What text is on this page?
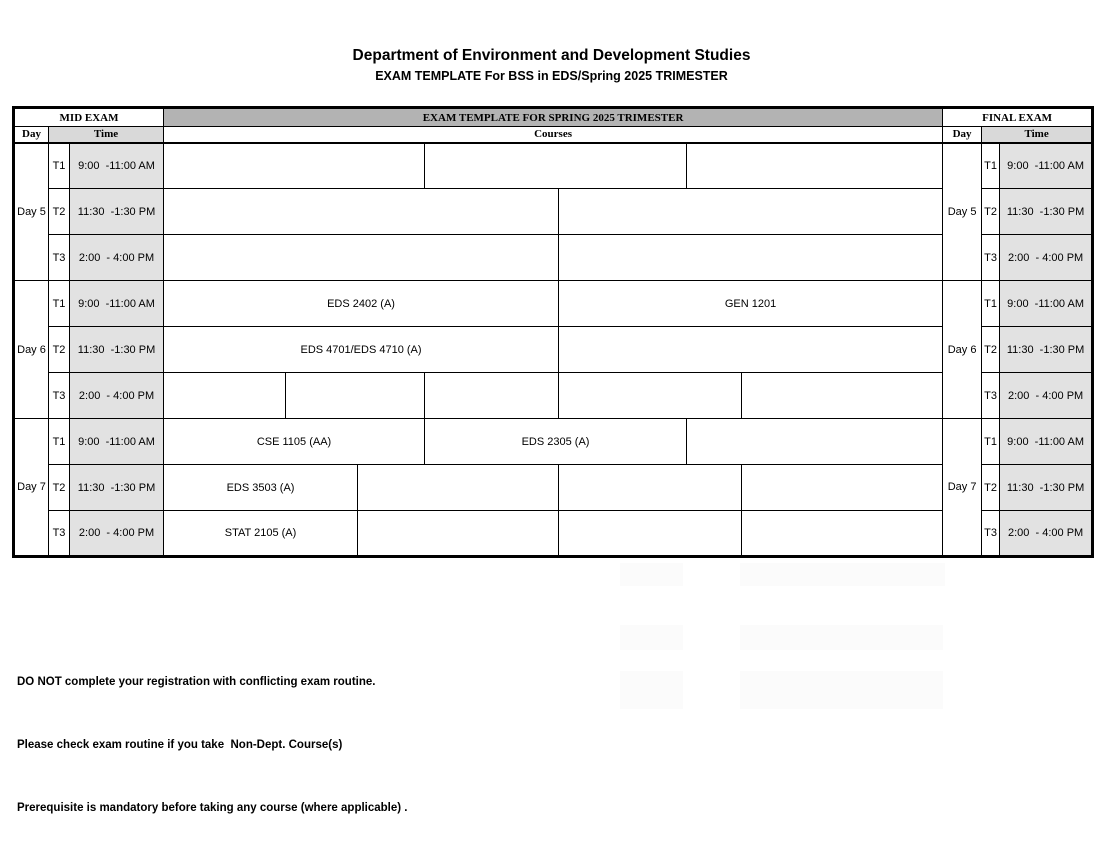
Department of Environment and Development Studies
EXAM TEMPLATE For BSS in EDS/Spring 2025 TRIMESTER
MID EXAM			EXAM TEMPLATE FOR SPRING 2025 TRIMESTER							FINAL EXAM		
Day	Time		Courses							Day	Time	
Day 5	T1	9:00  -11:00 AM								Day 5	T1	9:00  -11:00 AM
	T2	11:30  -1:30 PM									T2	11:30  -1:30 PM
	T3	2:00  - 4:00 PM									T3	2:00  - 4:00 PM
Day 6	T1	9:00  -11:00 AM	EDS 2402 (A)				GEN 1201			Day 6	T1	9:00  -11:00 AM
	T2	11:30  -1:30 PM	EDS 4701/EDS 4710 (A)								T2	11:30  -1:30 PM
	T3	2:00  - 4:00 PM									T3	2:00  - 4:00 PM
Day 7	T1	9:00  -11:00 AM	CSE 1105 (AA)			EDS 2305 (A)				Day 7	T1	9:00  -11:00 AM
	T2	11:30  -1:30 PM	EDS 3503 (A)								T2	11:30  -1:30 PM
	T3	2:00  - 4:00 PM	STAT 2105 (A)								T3	2:00  - 4:00 PM

DO NOT complete your registration with conflicting exam routine.

Please check exam routine if you take  Non-Dept. Course(s)

Prerequisite is mandatory before taking any course (where applicable) .
